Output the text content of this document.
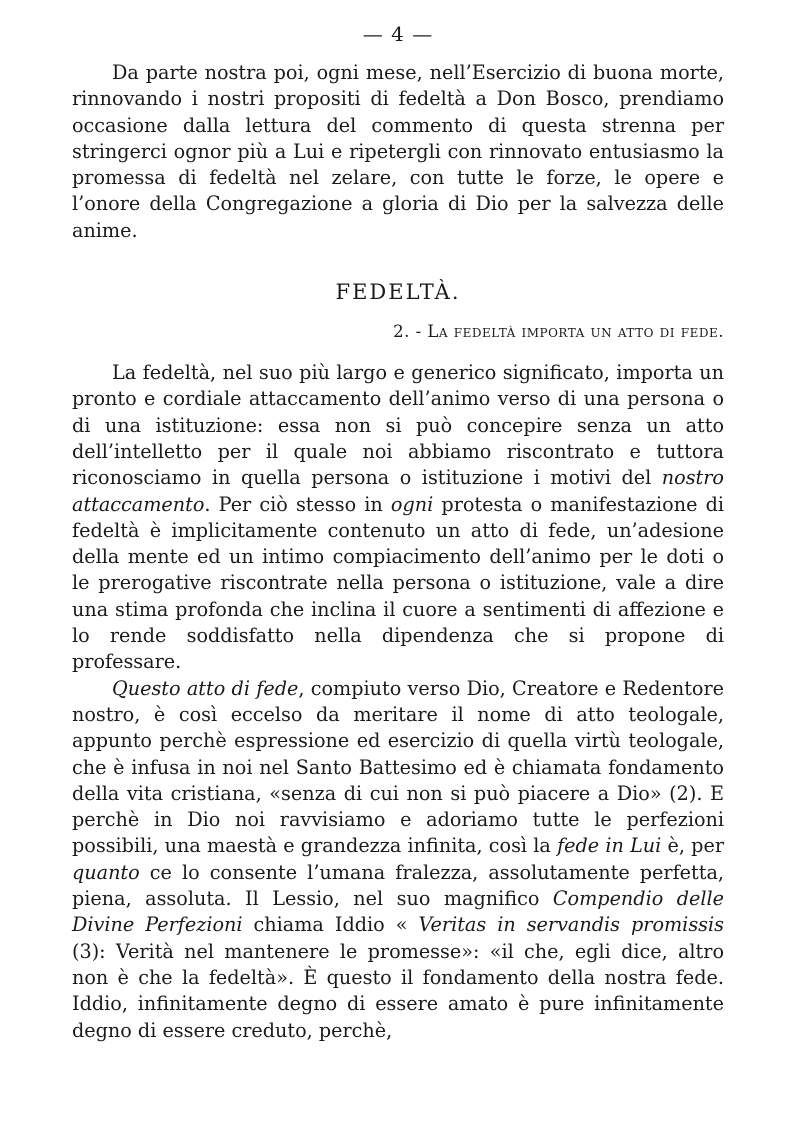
— 4 —

Da parte nostra poi, ogni mese, nell’Esercizio di buona morte, rinnovando i nostri propositi di fedeltà a Don Bosco, prendiamo occasione dalla lettura del commento di questa strenna per stringerci ognor più a Lui e ripetergli con rinnovato entusiasmo la promessa di fedeltà nel zelare, con tutte le forze, le opere e l’onore della Congregazione a gloria di Dio per la salvezza delle anime.

FEDELTÀ.
2. - La fedeltà importa un atto di fede.

La fedeltà, nel suo più largo e generico significato, importa un pronto e cordiale attaccamento dell’animo verso di una persona o di una istituzione: essa non si può concepire senza un atto dell’intelletto per il quale noi abbiamo riscontrato e tuttora riconosciamo in quella persona o istituzione i motivi del nostro attaccamento. Per ciò stesso in ogni protesta o manifestazione di fedeltà è implicitamente contenuto un atto di fede, un’adesione della mente ed un intimo compiacimento dell’animo per le doti o le prerogative riscontrate nella persona o istituzione, vale a dire una stima profonda che inclina il cuore a sentimenti di affezione e lo rende soddisfatto nella dipendenza che si propone di professare.

Questo atto di fede, compiuto verso Dio, Creatore e Redentore nostro, è così eccelso da meritare il nome di atto teologale, appunto perchè espressione ed esercizio di quella virtù teologale, che è infusa in noi nel Santo Battesimo ed è chiamata fondamento della vita cristiana, «senza di cui non si può piacere a Dio» (2). E perchè in Dio noi ravvisiamo e adoriamo tutte le perfezioni possibili, una maestà e grandezza infinita, così la fede in Lui è, per quanto ce lo consente l’umana fralezza, assolutamente perfetta, piena, assoluta. Il Lessio, nel suo magnifico Compendio delle Divine Perfezioni chiama Iddio « Veritas in servandis promissis (3): Verità nel mantenere le promesse»: «il che, egli dice, altro non è che la fedeltà». È questo il fondamento della nostra fede. Iddio, infinitamente degno di essere amato è pure infinitamente degno di essere creduto, perchè,
